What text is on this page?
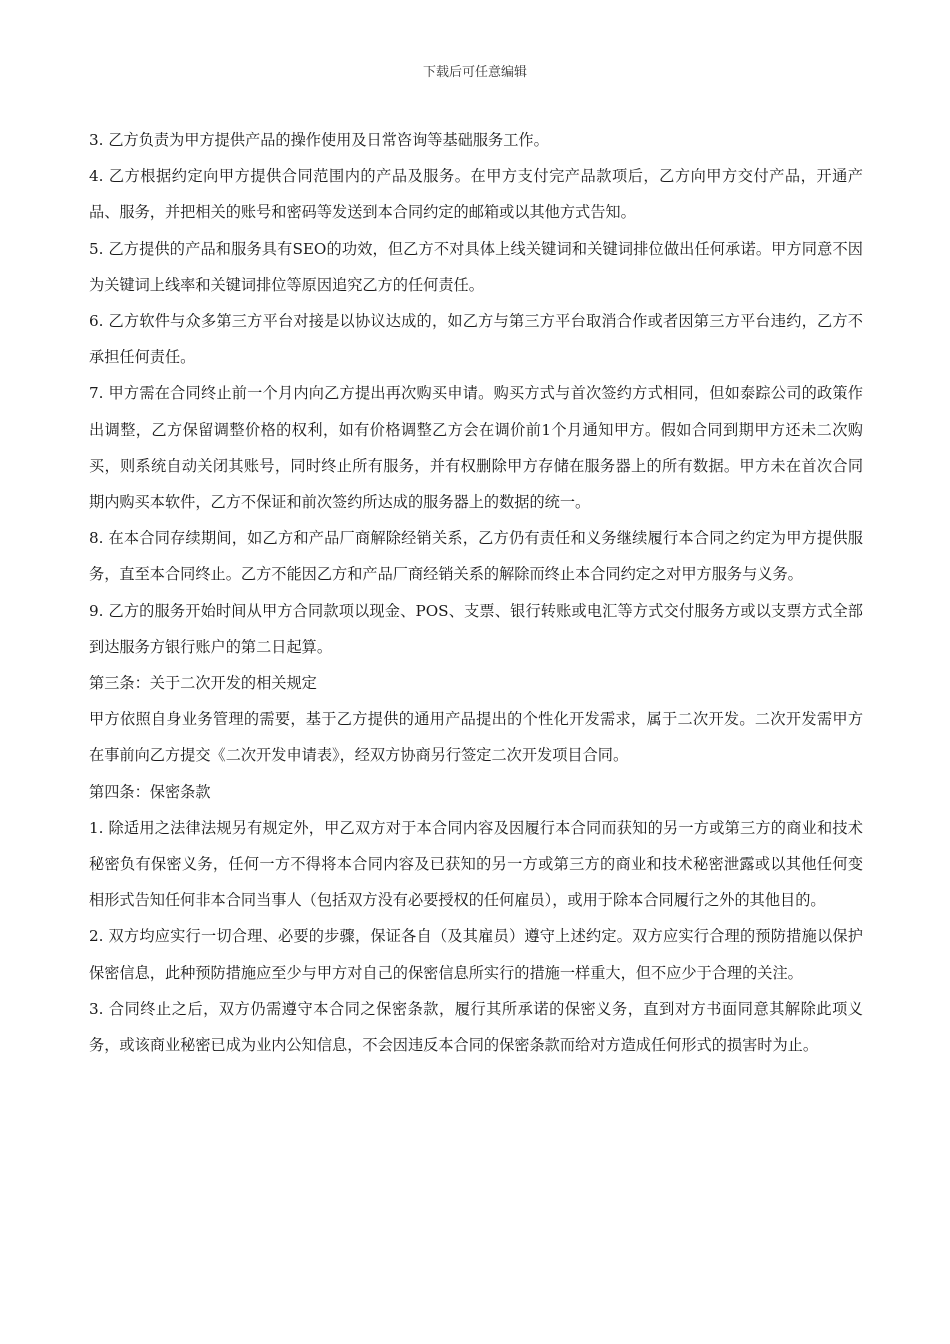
下载后可任意编辑

3. 乙方负责为甲方提供产品的操作使用及日常咨询等基础服务工作。

4. 乙方根据约定向甲方提供合同范围内的产品及服务。在甲方支付完产品款项后，乙方向甲方交付产品，开通产品、服务，并把相关的账号和密码等发送到本合同约定的邮箱或以其他方式告知。

5. 乙方提供的产品和服务具有SEO的功效，但乙方不对具体上线关键词和关键词排位做出任何承诺。甲方同意不因为关键词上线率和关键词排位等原因追究乙方的任何责任。

6. 乙方软件与众多第三方平台对接是以协议达成的，如乙方与第三方平台取消合作或者因第三方平台违约，乙方不承担任何责任。

7. 甲方需在合同终止前一个月内向乙方提出再次购买申请。购买方式与首次签约方式相同，但如泰踪公司的政策作出调整，乙方保留调整价格的权利，如有价格调整乙方会在调价前1个月通知甲方。假如合同到期甲方还未二次购买，则系统自动关闭其账号，同时终止所有服务，并有权删除甲方存储在服务器上的所有数据。甲方未在首次合同期内购买本软件，乙方不保证和前次签约所达成的服务器上的数据的统一。

8. 在本合同存续期间，如乙方和产品厂商解除经销关系，乙方仍有责任和义务继续履行本合同之约定为甲方提供服务，直至本合同终止。乙方不能因乙方和产品厂商经销关系的解除而终止本合同约定之对甲方服务与义务。

9. 乙方的服务开始时间从甲方合同款项以现金、POS、支票、银行转账或电汇等方式交付服务方或以支票方式全部到达服务方银行账户的第二日起算。

第三条：关于二次开发的相关规定

甲方依照自身业务管理的需要，基于乙方提供的通用产品提出的个性化开发需求，属于二次开发。二次开发需甲方在事前向乙方提交《二次开发申请表》，经双方协商另行签定二次开发项目合同。

第四条：保密条款

1. 除适用之法律法规另有规定外，甲乙双方对于本合同内容及因履行本合同而获知的另一方或第三方的商业和技术秘密负有保密义务，任何一方不得将本合同内容及已获知的另一方或第三方的商业和技术秘密泄露或以其他任何变相形式告知任何非本合同当事人（包括双方没有必要授权的任何雇员），或用于除本合同履行之外的其他目的。

2. 双方均应实行一切合理、必要的步骤，保证各自（及其雇员）遵守上述约定。双方应实行合理的预防措施以保护保密信息，此种预防措施应至少与甲方对自己的保密信息所实行的措施一样重大，但不应少于合理的关注。

3. 合同终止之后，双方仍需遵守本合同之保密条款，履行其所承诺的保密义务，直到对方书面同意其解除此项义务，或该商业秘密已成为业内公知信息，不会因违反本合同的保密条款而给对方造成任何形式的损害时为止。
